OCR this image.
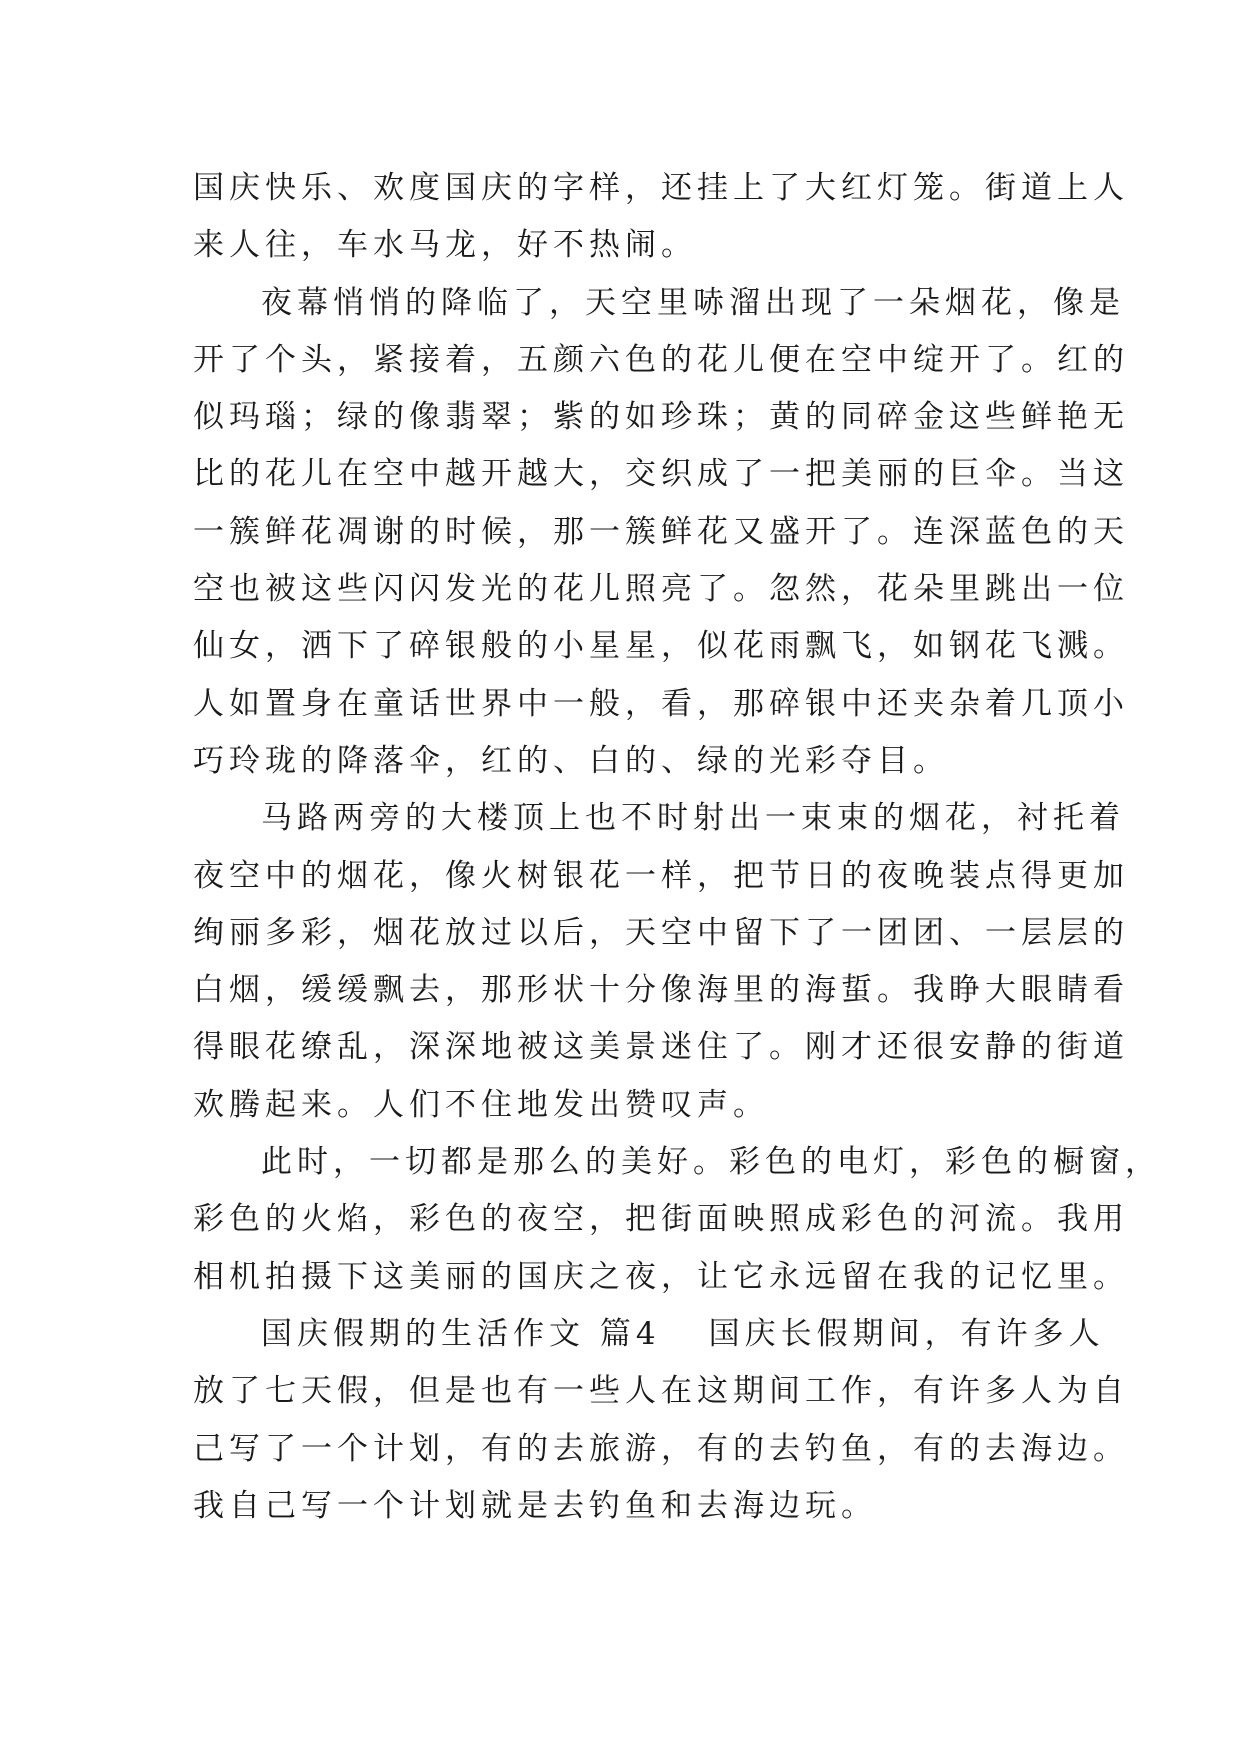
国庆快乐、欢度国庆的字样，还挂上了大红灯笼。街道上人
来人往，车水马龙，好不热闹。
夜幕悄悄的降临了，天空里哧溜出现了一朵烟花，像是
开了个头，紧接着，五颜六色的花儿便在空中绽开了。红的
似玛瑙；绿的像翡翠；紫的如珍珠；黄的同碎金这些鲜艳无
比的花儿在空中越开越大，交织成了一把美丽的巨伞。当这
一簇鲜花凋谢的时候，那一簇鲜花又盛开了。连深蓝色的天
空也被这些闪闪发光的花儿照亮了。忽然，花朵里跳出一位
仙女，洒下了碎银般的小星星，似花雨飘飞，如钢花飞溅。
人如置身在童话世界中一般，看，那碎银中还夹杂着几顶小
巧玲珑的降落伞，红的、白的、绿的光彩夺目。
马路两旁的大楼顶上也不时射出一束束的烟花，衬托着
夜空中的烟花，像火树银花一样，把节日的夜晚装点得更加
绚丽多彩，烟花放过以后，天空中留下了一团团、一层层的
白烟，缓缓飘去，那形状十分像海里的海蜇。我睁大眼睛看
得眼花缭乱，深深地被这美景迷住了。刚才还很安静的街道
欢腾起来。人们不住地发出赞叹声。
此时，一切都是那么的美好。彩色的电灯，彩色的橱窗，
彩色的火焰，彩色的夜空，把街面映照成彩色的河流。我用
相机拍摄下这美丽的国庆之夜，让它永远留在我的记忆里。
国庆假期的生活作文 篇4 国庆长假期间，有许多人
放了七天假，但是也有一些人在这期间工作，有许多人为自
己写了一个计划，有的去旅游，有的去钓鱼，有的去海边。
我自己写一个计划就是去钓鱼和去海边玩。
